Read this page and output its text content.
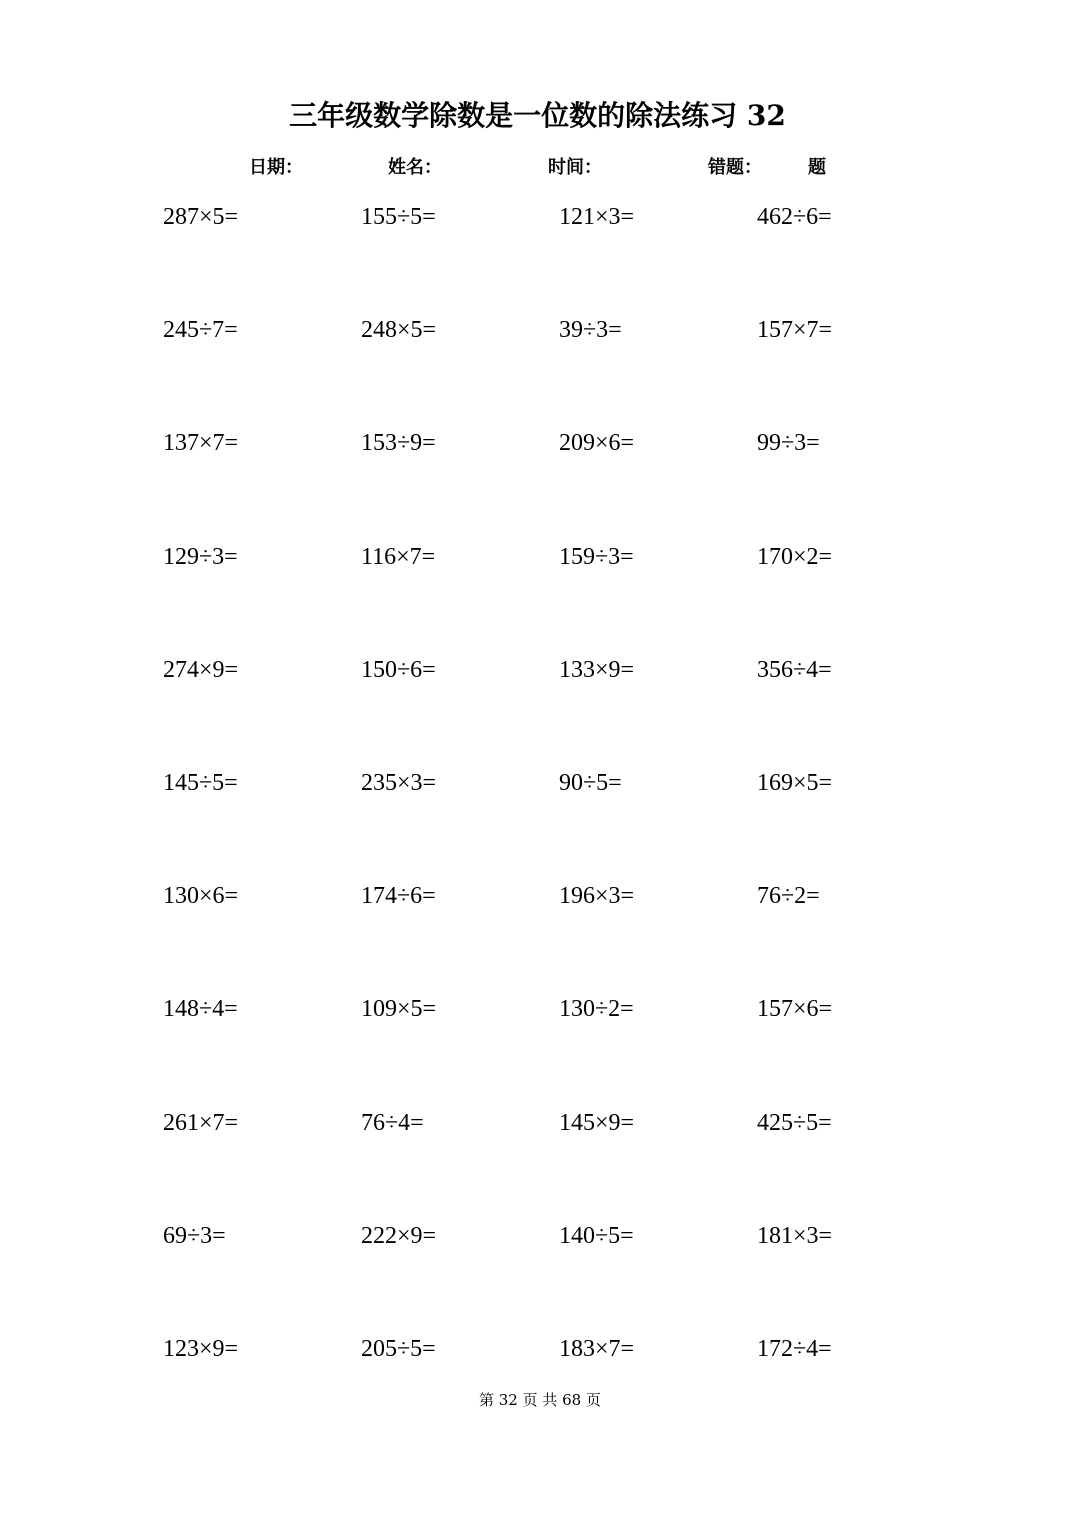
三年级数学除数是一位数的除法练习 32
日期：	姓名：	时间：	错题：	题
287×5=	155÷5=	121×3=	462÷6=
245÷7=	248×5=	39÷3=	157×7=
137×7=	153÷9=	209×6=	99÷3=
129÷3=	116×7=	159÷3=	170×2=
274×9=	150÷6=	133×9=	356÷4=
145÷5=	235×3=	90÷5=	169×5=
130×6=	174÷6=	196×3=	76÷2=
148÷4=	109×5=	130÷2=	157×6=
261×7=	76÷4=	145×9=	425÷5=
69÷3=	222×9=	140÷5=	181×3=
123×9=	205÷5=	183×7=	172÷4=
第 32 页 共 68 页
